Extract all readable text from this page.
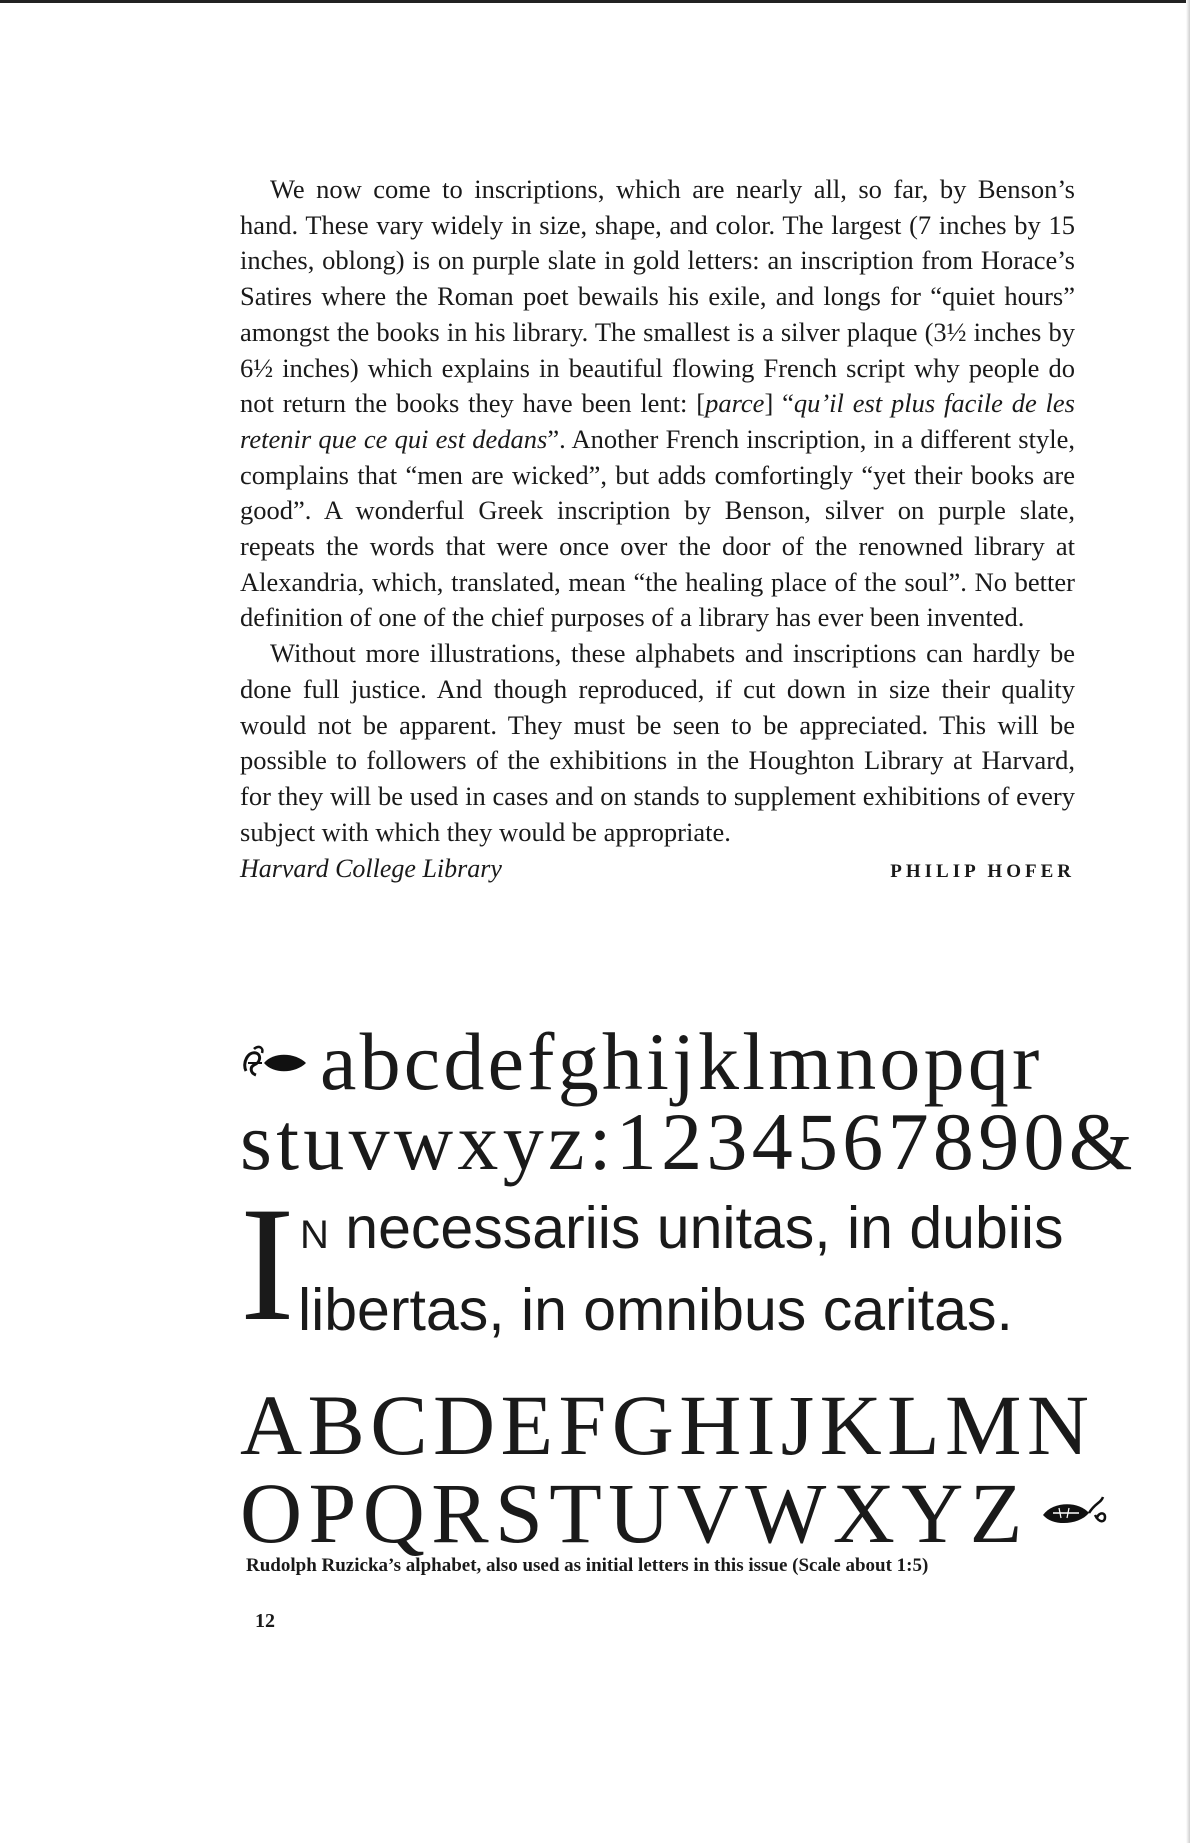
We now come to inscriptions, which are nearly all, so far, by Benson’s hand. These vary widely in size, shape, and color. The largest (7 inches by 15 inches, oblong) is on purple slate in gold letters: an inscription from Horace’s Satires where the Roman poet bewails his exile, and longs for “quiet hours” amongst the books in his library. The smallest is a silver plaque (3½ inches by 6½ inches) which explains in beautiful flowing French script why people do not return the books they have been lent: [parce] “qu’il est plus facile de les retenir que ce qui est dedans”. Another French inscription, in a different style, complains that “men are wicked”, but adds comfortingly “yet their books are good”. A wonderful Greek inscription by Benson, silver on purple slate, repeats the words that were once over the door of the renowned library at Alexandria, which, translated, mean “the healing place of the soul”. No better definition of one of the chief purposes of a library has ever been invented.

Without more illustrations, these alphabets and inscriptions can hardly be done full justice. And though reproduced, if cut down in size their quality would not be apparent. They must be seen to be appreciated. This will be possible to followers of the exhibitions in the Houghton Library at Harvard, for they will be used in cases and on stands to supplement exhibitions of every subject with which they would be appropriate.

Harvard College Library	PHILIP HOFER
abcdefghijklmnopqr
stuvwxyz:1234567890&
I N necessariis unitas, in dubiis
libertas, in omnibus caritas.
ABCDEFGHIJKLMN
OPQRSTUVWXYZ
Rudolph Ruzicka’s alphabet, also used as initial letters in this issue (Scale about 1:5)
12
